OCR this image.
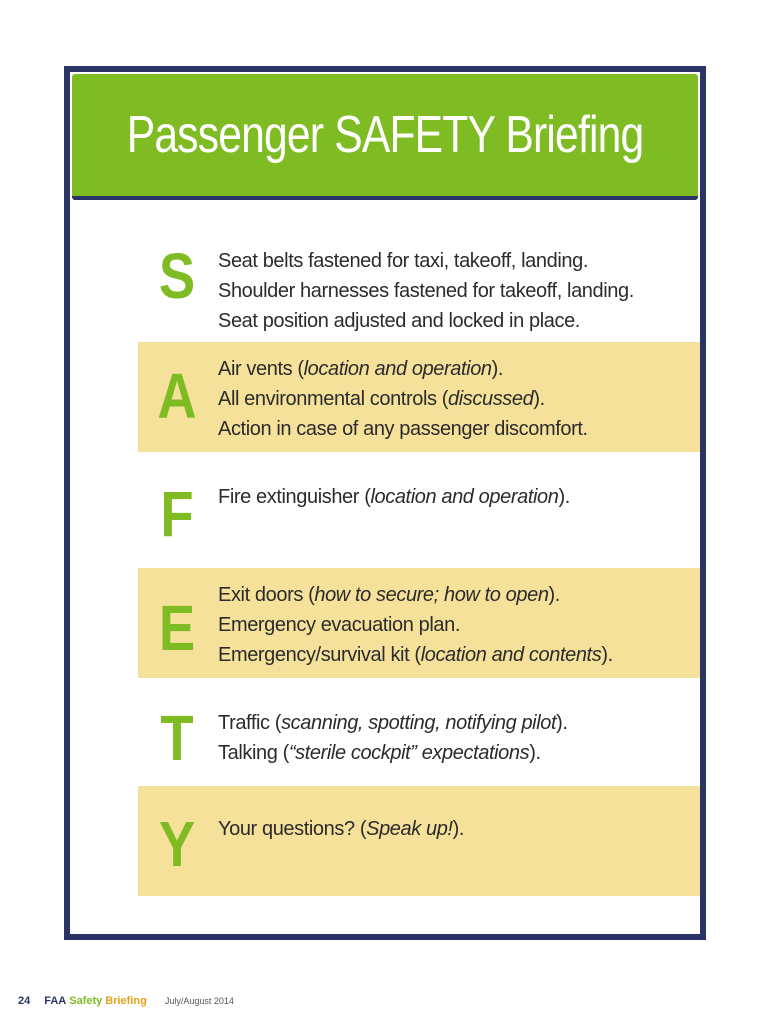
Passenger SAFETY Briefing
S	Seat belts fastened for taxi, takeoff, landing.
Shoulder harnesses fastened for takeoff, landing.
Seat position adjusted and locked in place.
A	Air vents (location and operation).
All environmental controls (discussed).
Action in case of any passenger discomfort.
F	Fire extinguisher (location and operation).
E	Exit doors (how to secure; how to open).
Emergency evacuation plan.
Emergency/survival kit (location and contents).
T	Traffic (scanning, spotting, notifying pilot).
Talking (“sterile cockpit” expectations).
Y	Your questions? (Speak up!).
24 FAA Safety Briefing July/August 2014
